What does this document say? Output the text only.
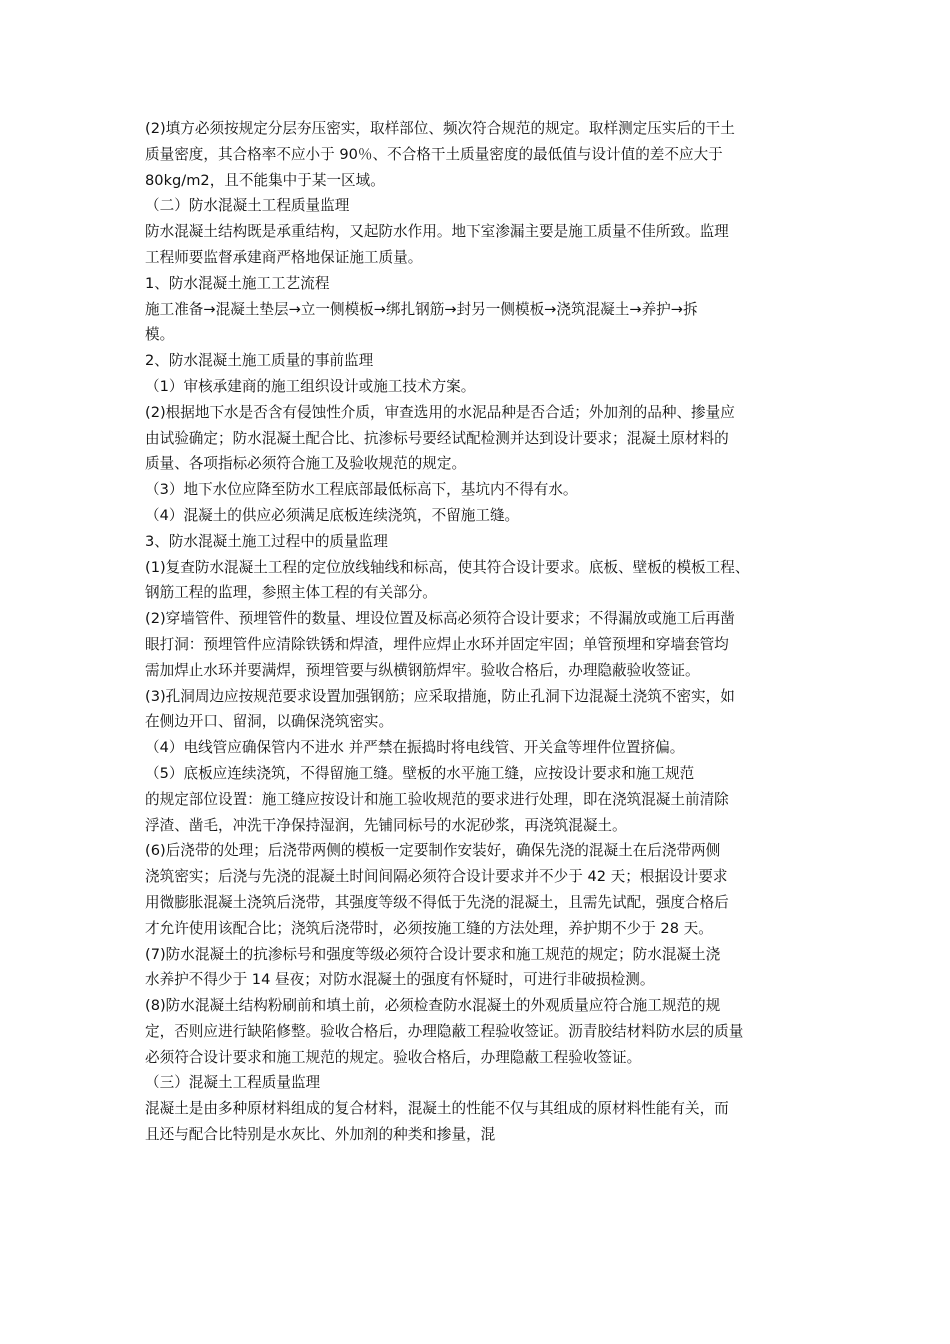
(2)填方必须按规定分层夯压密实，取样部位、频次符合规范的规定。取样测定压实后的干土

质量密度，其合格率不应小于 90％、不合格干土质量密度的最低值与设计值的差不应大于

80kg/m2，且不能集中于某一区域。

（二）防水混凝土工程质量监理

防水混凝土结构既是承重结构，又起防水作用。地下室渗漏主要是施工质量不佳所致。监理

工程师要监督承建商严格地保证施工质量。

1、防水混凝土施工工艺流程

施工准备→混凝土垫层→立一侧模板→绑扎钢筋→封另一侧模板→浇筑混凝土→养护→拆

模。

2、防水混凝土施工质量的事前监理

（1）审核承建商的施工组织设计或施工技术方案。

(2)根据地下水是否含有侵蚀性介质，审查选用的水泥品种是否合适；外加剂的品种、掺量应

由试验确定；防水混凝土配合比、抗渗标号要经试配检测并达到设计要求；混凝土原材料的

质量、各项指标必须符合施工及验收规范的规定。

（3）地下水位应降至防水工程底部最低标高下，基坑内不得有水。

（4）混凝土的供应必须满足底板连续浇筑，不留施工缝。

3、防水混凝土施工过程中的质量监理

(1)复查防水混凝土工程的定位放线轴线和标高，使其符合设计要求。底板、壁板的模板工程、

钢筋工程的监理，参照主体工程的有关部分。

(2)穿墙管件、预埋管件的数量、埋设位置及标高必须符合设计要求；不得漏放或施工后再凿

眼打洞：预埋管件应清除铁锈和焊渣，埋件应焊止水环并固定牢固；单管预埋和穿墙套管均

需加焊止水环并要满焊，预埋管要与纵横钢筋焊牢。验收合格后，办理隐蔽验收签证。

(3)孔洞周边应按规范要求设置加强钢筋；应采取措施，防止孔洞下边混凝土浇筑不密实，如

在侧边开口、留洞，以确保浇筑密实。

（4）电线管应确保管内不进水 并严禁在振捣时将电线管、开关盒等埋件位置挤偏。

（5）底板应连续浇筑，不得留施工缝。壁板的水平施工缝，应按设计要求和施工规范

的规定部位设置：施工缝应按设计和施工验收规范的要求进行处理，即在浇筑混凝土前清除

浮渣、凿毛，冲洗干净保持湿润，先铺同标号的水泥砂浆，再浇筑混凝土。

(6)后浇带的处理；后浇带两侧的模板一定要制作安装好，确保先浇的混凝土在后浇带两侧

浇筑密实；后浇与先浇的混凝土时间间隔必须符合设计要求并不少于 42 天；根据设计要求

用微膨胀混凝土浇筑后浇带，其强度等级不得低于先浇的混凝土，且需先试配，强度合格后

才允许使用该配合比；浇筑后浇带时，必须按施工缝的方法处理，养护期不少于 28 天。

(7)防水混凝土的抗渗标号和强度等级必须符合设计要求和施工规范的规定；防水混凝土浇

水养护不得少于 14 昼夜；对防水混凝土的强度有怀疑时，可进行非破损检测。

(8)防水混凝土结构粉刷前和填土前，必须检查防水混凝土的外观质量应符合施工规范的规

定，否则应进行缺陷修整。验收合格后，办理隐蔽工程验收签证。沥青胶结材料防水层的质量

必须符合设计要求和施工规范的规定。验收合格后，办理隐蔽工程验收签证。

（三）混凝土工程质量监理

混凝土是由多种原材料组成的复合材料，混凝土的性能不仅与其组成的原材料性能有关，而

且还与配合比特别是水灰比、外加剂的种类和掺量，混
